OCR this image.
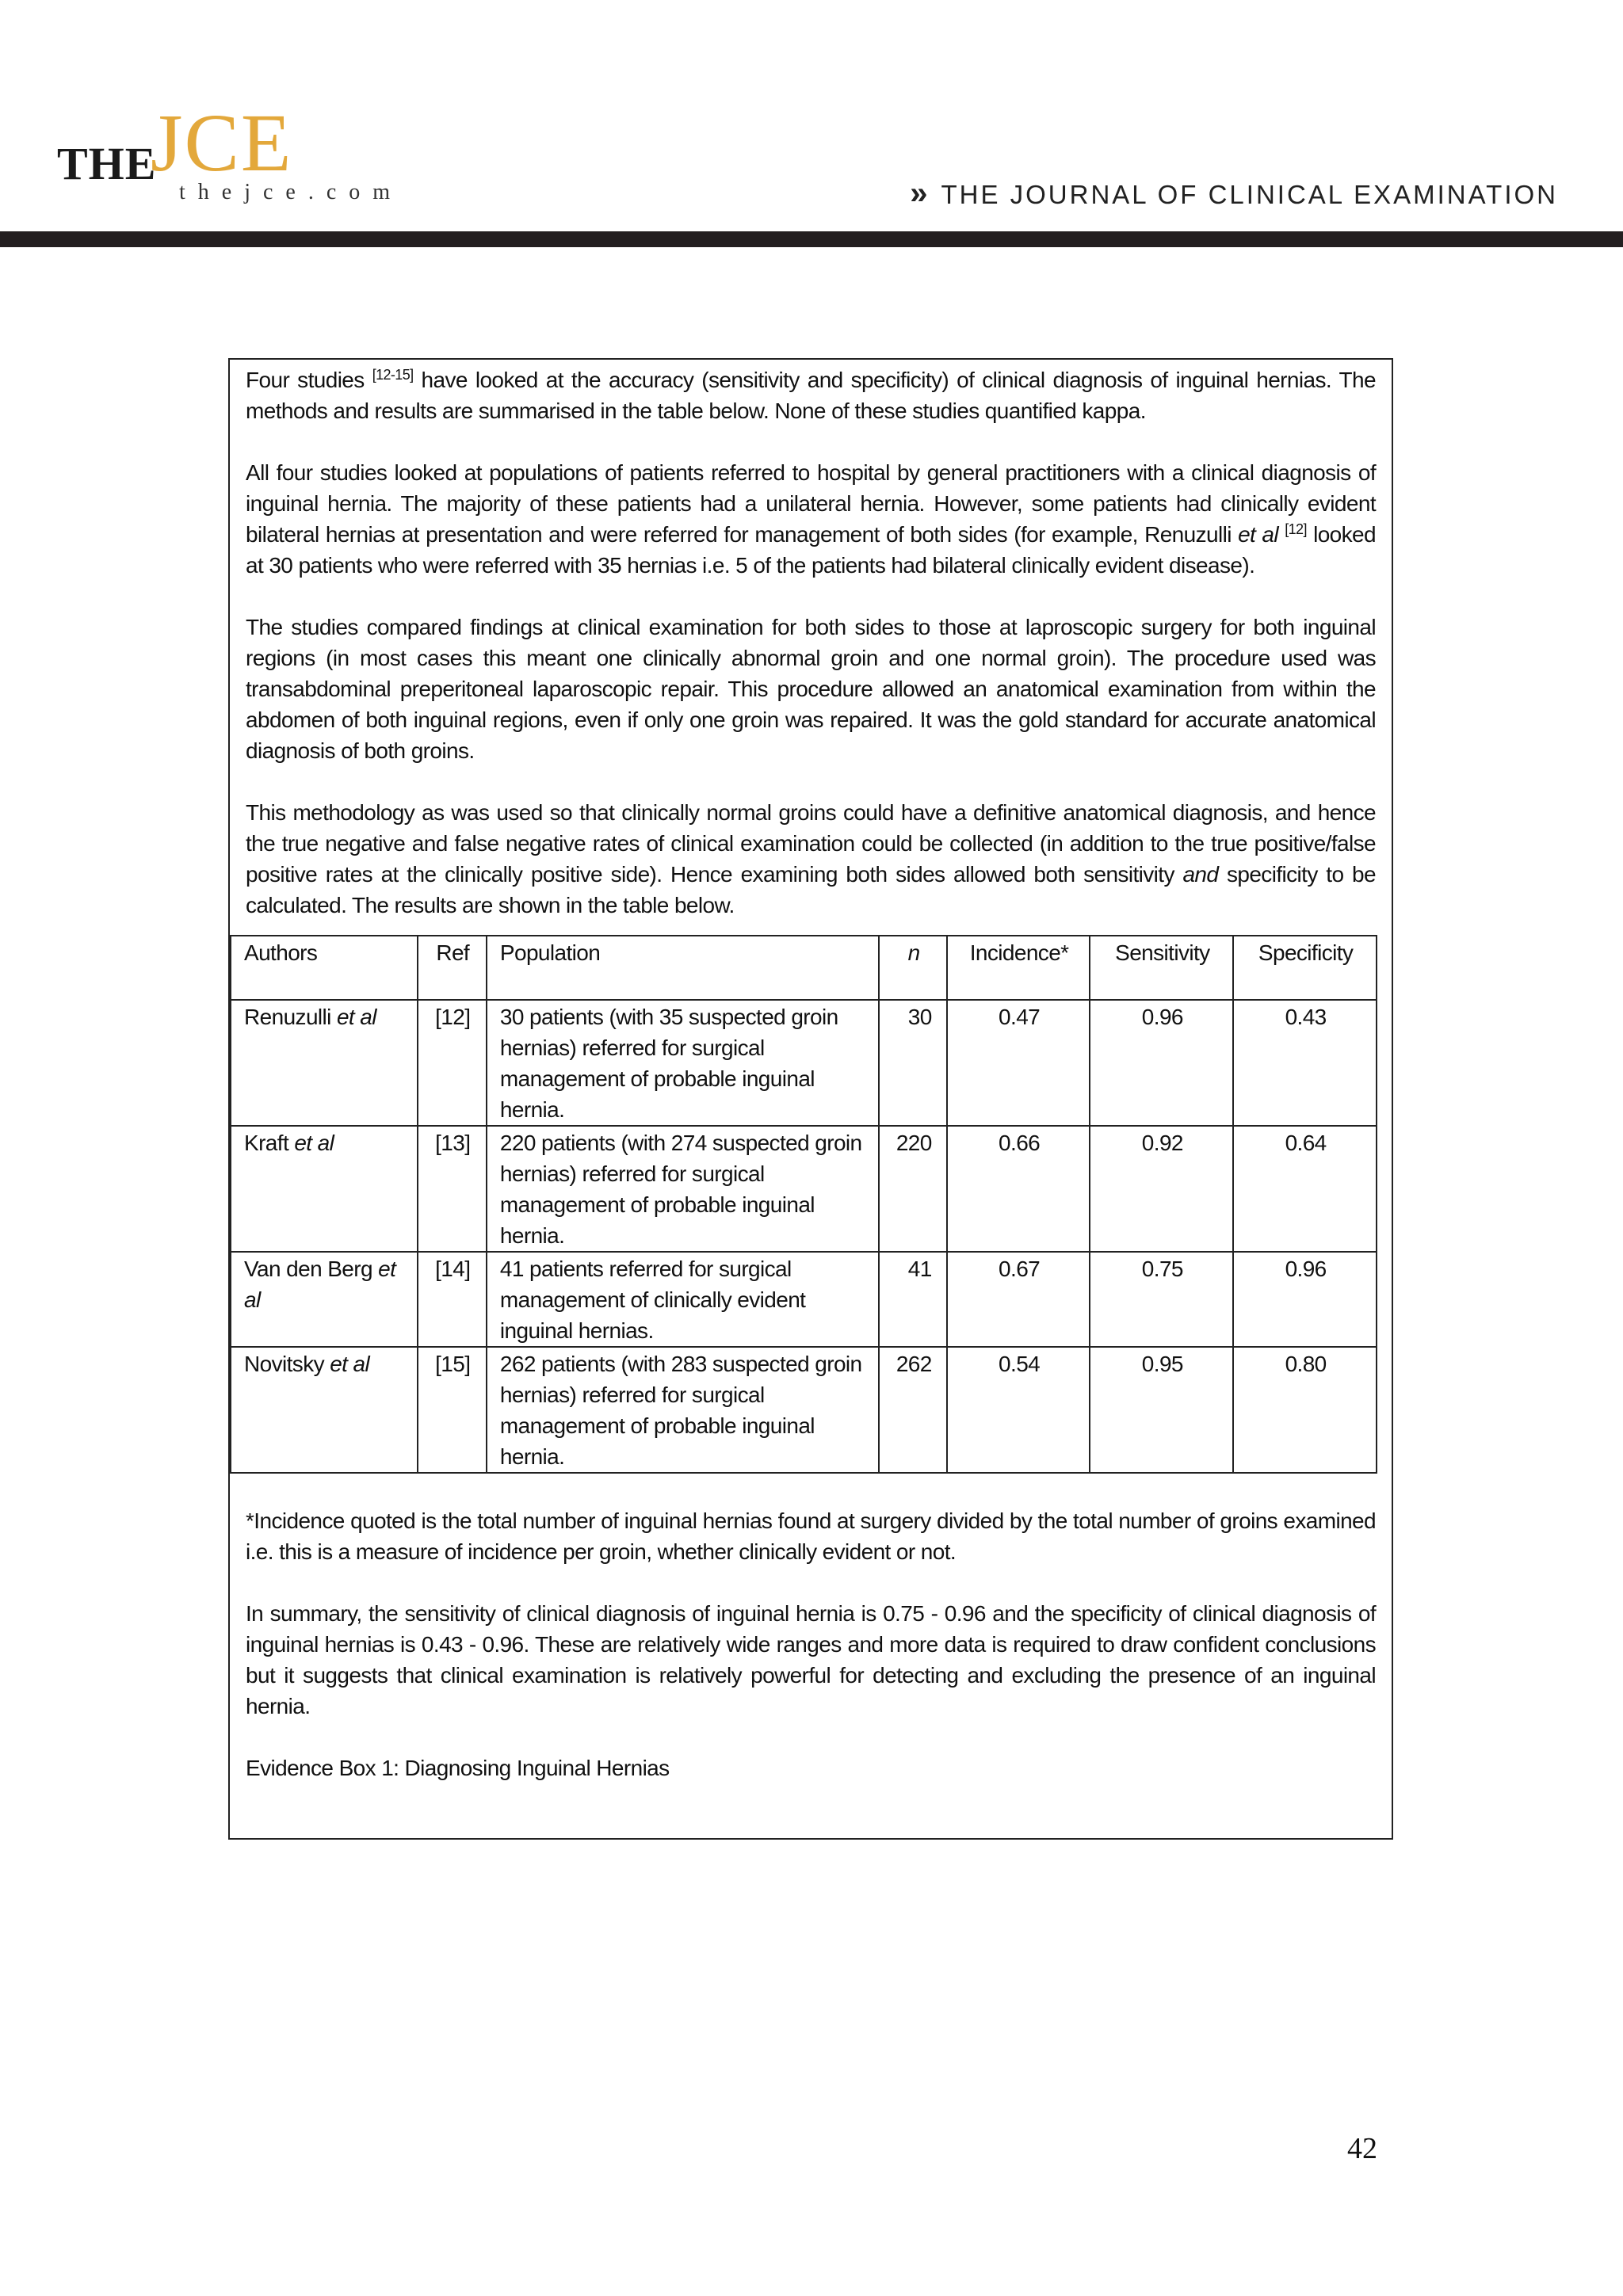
THE
JCE
thejce.com	» THE JOURNAL OF CLINICAL EXAMINATION

Four studies [12-15] have looked at the accuracy (sensitivity and specificity) of clinical diagnosis of inguinal hernias. The methods and results are summarised in the table below. None of these studies quantified kappa.

All four studies looked at populations of patients referred to hospital by general practitioners with a clinical diagnosis of inguinal hernia. The majority of these patients had a unilateral hernia. However, some patients had clinically evident bilateral hernias at presentation and were referred for management of both sides (for example, Renuzulli et al [12] looked at 30 patients who were referred with 35 hernias i.e. 5 of the patients had bilateral clinically evident disease).

The studies compared findings at clinical examination for both sides to those at laproscopic surgery for both inguinal regions (in most cases this meant one clinically abnormal groin and one normal groin). The procedure used was transabdominal preperitoneal laparoscopic repair. This procedure allowed an anatomical examination from within the abdomen of both inguinal regions, even if only one groin was repaired. It was the gold standard for accurate anatomical diagnosis of both groins.

This methodology as was used so that clinically normal groins could have a definitive anatomical diagnosis, and hence the true negative and false negative rates of clinical examination could be collected (in addition to the true positive/false positive rates at the clinically positive side). Hence examining both sides allowed both sensitivity and specificity to be calculated. The results are shown in the table below.

Authors	Ref	Population	n	Incidence*	Sensitivity	Specificity
Renuzulli et al	[12]	30 patients (with 35 suspected groin hernias) referred for surgical management of probable inguinal hernia.	30	0.47	0.96	0.43
Kraft et al	[13]	220 patients (with 274 suspected groin hernias) referred for surgical management of probable inguinal hernia.	220	0.66	0.92	0.64
Van den Berg et al	[14]	41 patients referred for surgical management of clinically evident inguinal hernias.	41	0.67	0.75	0.96
Novitsky et al	[15]	262 patients (with 283 suspected groin hernias) referred for surgical management of probable inguinal hernia.	262	0.54	0.95	0.80

*Incidence quoted is the total number of inguinal hernias found at surgery divided by the total number of groins examined i.e. this is a measure of incidence per groin, whether clinically evident or not.

In summary, the sensitivity of clinical diagnosis of inguinal hernia is 0.75 - 0.96 and the specificity of clinical diagnosis of inguinal hernias is 0.43 - 0.96. These are relatively wide ranges and more data is required to draw confident conclusions but it suggests that clinical examination is relatively powerful for detecting and excluding the presence of an inguinal hernia.

Evidence Box 1: Diagnosing Inguinal Hernias

42
